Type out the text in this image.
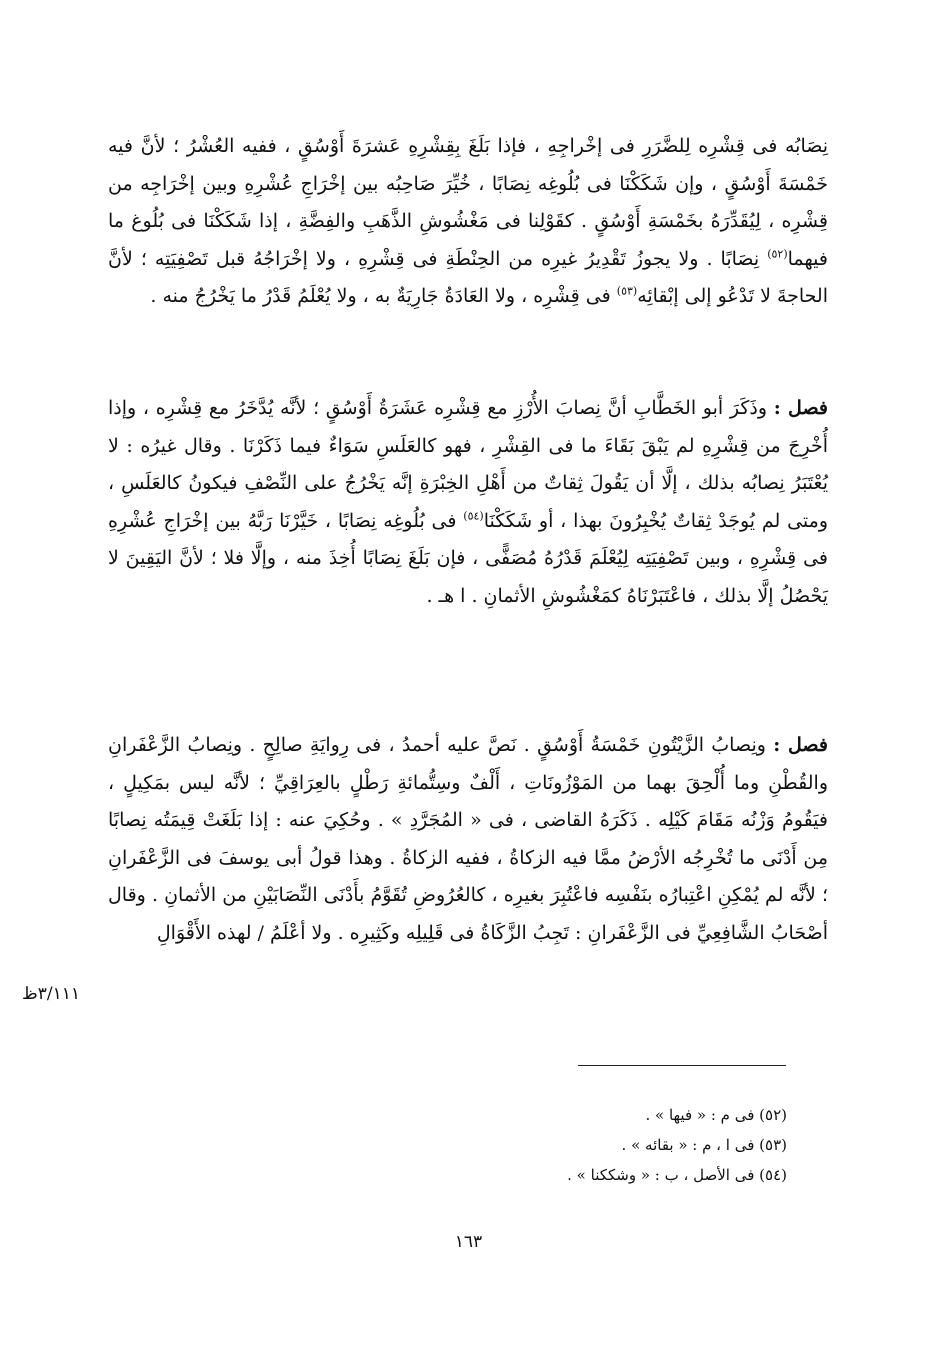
نِصَابُه فى قِشْرِه لِلضَّرَرِ فى إخْراجِهِ ، فإذا بَلَغَ بِقِشْرِهِ عَشرَةَ أَوْسُقٍ ، ففيه العُشْرُ ؛ لأنَّ فيه خَمْسَةَ أَوْسُقٍ ، وإن شَكَكْنَا فى بُلُوغِه نِصَابًا ، خُيِّرَ صَاحِبُه بين إخْرَاجِ عُشْرِهِ وبين إخْرَاجِه من قِشْرِه ، لِيُقَدِّرَهُ بخَمْسَةِ أَوْسُقٍ . كقَوْلِنا فى مَغْشُوشِ الذَّهَبِ والفِضَّةِ ، إذا شَكَكْنَا فى بُلُوغ ما فيهما$^{(٥٢)}$ نِصَابًا . ولا يجوزُ تَقْدِيرُ غيرِه من الحِنْطَةِ فى قِشْرِهِ ، ولا إخْرَاجُهُ قبل تَصْفِيَتِه ؛ لأنَّ الحاجةَ لا تَدْعُو إلى إبْقائِه$^{(٥٣)}$ فى قِشْرِه ، ولا العَادَةُ جَارِيَةٌ به ، ولا يُعْلَمُ قَدْرُ ما يَخْرُجُ منه .

فصل : وذَكَرَ أبو الخَطَّابِ أنَّ نِصابَ الأُرْزِ مع قِشْرِه عَشَرَةُ أَوْسُقٍ ؛ لأنَّه يُدَّخَرُ مع قِشْرِه ، وإذا أُخْرِجَ من قِشْرِهِ لم يَبْقَ بَقَاءَ ما فى القِشْرِ ، فهو كالعَلَسِ سَوَاءٌ فيما ذَكَرْنَا . وقال غيرُه : لا يُعْتَبَرُ نِصابُه بذلك ، إلَّا أن يَقُولَ ثِقاتٌ من أَهْلِ الخِبْرَةِ إنَّه يَخْرُجُ على النِّصْفِ فيكونُ كالعَلَسِ ، ومتى لم يُوجَدْ ثِقاتٌ يُخْبِرُونَ بهذا ، أو شَكَكْنَا$^{(٥٤)}$ فى بُلُوغِه نِصَابًا ، خَيَّرْنَا رَبَّهُ بين إخْرَاجِ عُشْرِهِ فى قِشْرِهِ ، وبين تَصْفِيَتِه لِيُعْلَمَ قَدْرُهُ مُصَفًّى ، فإن بَلَغَ نِصَابًا أُخِذَ منه ، وإلَّا فلا ؛ لأنَّ اليَقِينَ لا يَحْصُلُ إلَّا بذلك ، فاعْتَبَرْنَاهُ كمَغْشُوشِ الأثمانِ . ا هـ .

فصل : ونِصابُ الزَّيْتُونِ خَمْسَةُ أَوْسُقٍ . نَصَّ عليه أحمدُ ، فى رِوايَةِ صالِحٍ . ونِصابُ الزَّعْفَرانِ والقُطْنِ وما أُلْحِقَ بهما من المَوْزُونَاتِ ، أَلْفٌ وسِتُّمائةِ رَطْلٍ بالعِرَاقِيِّ ؛ لأنَّه ليس بمَكِيلٍ ، فيَقُومُ وَزْنُه مَقَامَ كَيْلِه . ذَكَرَهُ القاضى ، فى « المُجَرَّدِ » . وحُكِيَ عنه : إذا بَلَغَتْ قِيمَتُه نِصابًا مِن أَدْنَى ما تُخْرِجُه الأرْضُ ممَّا فيه الزكاةُ ، ففيه الزكاةُ . وهذا قولُ أبى يوسفَ فى الزَّعْفَرانِ ؛ لأنَّه لم يُمْكِنِ اعْتِبارُه بنَفْسِه فاعْتُبِرَ بغيرِه ، كالعُرُوضِ تُقَوَّمُ بأَدْنَى النِّصَابَيْنِ من الأثمانِ . وقال أصْحَابُ الشَّافِعِيِّ فى الزَّعْفَرانِ : تَجِبُ الزَّكَاةُ فى قَلِيلِه وكَثِيرِه . ولا أعْلَمُ / لهذه الأَقْوَالِ

٣/١١١ظ
(٥٢) فى م : « فيها » .
(٥٣) فى ا ، م : « بقائه » .
(٥٤) فى الأصل ، ب : « وشككنا » .
١٦٣
